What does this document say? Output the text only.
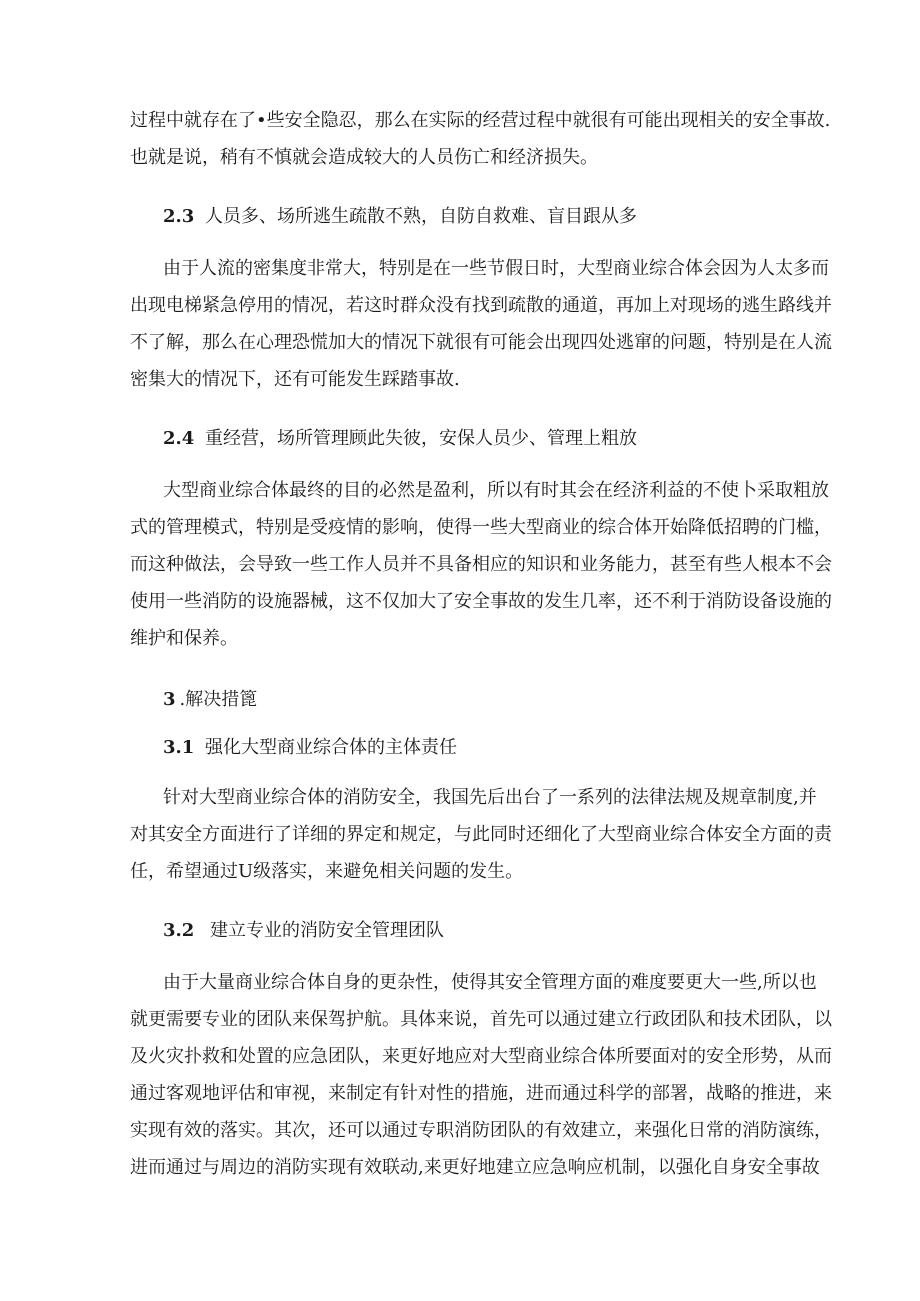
过程中就存在了•些安全隐忍，那么在实际的经营过程中就很有可能出现相关的安全事故.
也就是说，稍有不慎就会造成较大的人员伤亡和经济损失。
2.3 人员多、场所逃生疏散不熟，自防自救难、盲目跟从多
由于人流的密集度非常大，特别是在一些节假日时，大型商业综合体会因为人太多而
出现电梯紧急停用的情况，若这时群众没有找到疏散的通道，再加上对现场的逃生路线并
不了解，那么在心理恐慌加大的情况下就很有可能会出现四处逃窜的问题，特别是在人流
密集大的情况下，还有可能发生踩踏事故.
2.4 重经营，场所管理顾此失彼，安保人员少、管理上粗放
大型商业综合体最终的目的必然是盈利，所以有时其会在经济利益的不使卜采取粗放
式的管理模式，特别是受疫情的影响，使得一些大型商业的综合体开始降低招聘的门槛，
而这种做法，会导致一些工作人员并不具备相应的知识和业务能力，甚至有些人根本不会
使用一些消防的设施器械，这不仅加大了安全事故的发生几率，还不利于消防设备设施的
维护和保养。
3 .解决措篦
3.1 强化大型商业综合体的主体责任
针对大型商业综合体的消防安全，我国先后出台了一系列的法律法规及规章制度,并
对其安全方面进行了详细的界定和规定，与此同时还细化了大型商业综合体安全方面的责
任，希望通过U级落实，来避免相关问题的发生。
3.2 建立专业的消防安全管理团队
由于大量商业综合体自身的更杂性，使得其安全管理方面的难度要更大一些,所以也
就更需要专业的团队来保驾护航。具体来说，首先可以通过建立行政团队和技术团队，以
及火灾扑救和处置的应急团队，来更好地应对大型商业综合体所要面对的安全形势，从而
通过客观地评估和审视，来制定有针对性的措施，进而通过科学的部署，战略的推进，来
实现有效的落实。其次，还可以通过专职消防团队的有效建立，来强化日常的消防演练，
进而通过与周边的消防实现有效联动,来更好地建立应急响应机制，以强化自身安全事故
